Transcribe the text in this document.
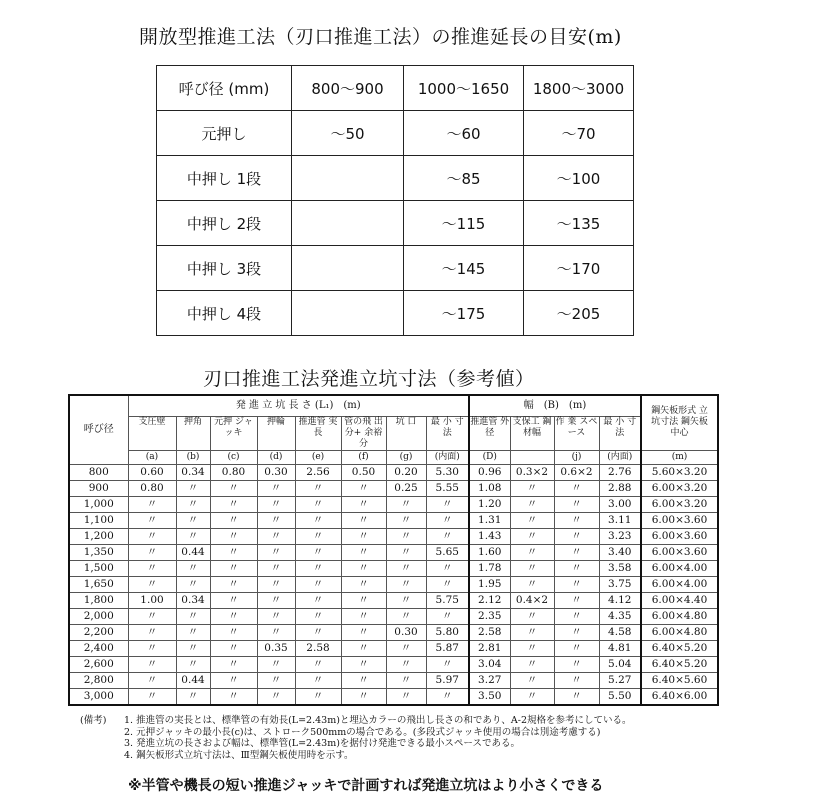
開放型推進工法（刃口推進工法）の推進延長の目安(m)
呼び径 (mm)	800〜900	1000〜1650	1800〜3000
元押し	〜50	〜60	〜70
中押し 1段		〜85	〜100
中押し 2段		〜115	〜135
中押し 3段		〜145	〜170
中押し 4段		〜175	〜205
刃口推進工法発進立坑寸法（参考値）
呼び径	発 進 立 坑 長 さ (L₁)　(m)								幅　(B)　(m)				鋼矢板形式 立坑寸法 鋼矢板中心
	支圧壁	押角	元押 ジャッキ	押輪	推進管 実 長	管の飛 出分+ 余裕分	坑 口	最 小 寸 法	推進管 外 径	支保工 鋼材幅	作 業 スペース	最 小 寸 法	
	(a)	(b)	(c)	(d)	(e)	(f)	(g)	(内面)	(D)		(j)	(内面)	(m)
800	0.60	0.34	0.80	0.30	2.56	0.50	0.20	5.30	0.96	0.3×2	0.6×2	2.76	5.60×3.20
900	0.80	〃	〃	〃	〃	〃	0.25	5.55	1.08	〃	〃	2.88	6.00×3.20
1,000	〃	〃	〃	〃	〃	〃	〃	〃	1.20	〃	〃	3.00	6.00×3.20
1,100	〃	〃	〃	〃	〃	〃	〃	〃	1.31	〃	〃	3.11	6.00×3.60
1,200	〃	〃	〃	〃	〃	〃	〃	〃	1.43	〃	〃	3.23	6.00×3.60
1,350	〃	0.44	〃	〃	〃	〃	〃	5.65	1.60	〃	〃	3.40	6.00×3.60
1,500	〃	〃	〃	〃	〃	〃	〃	〃	1.78	〃	〃	3.58	6.00×4.00
1,650	〃	〃	〃	〃	〃	〃	〃	〃	1.95	〃	〃	3.75	6.00×4.00
1,800	1.00	0.34	〃	〃	〃	〃	〃	5.75	2.12	0.4×2	〃	4.12	6.00×4.40
2,000	〃	〃	〃	〃	〃	〃	〃	〃	2.35	〃	〃	4.35	6.00×4.80
2,200	〃	〃	〃	〃	〃	〃	0.30	5.80	2.58	〃	〃	4.58	6.00×4.80
2,400	〃	〃	〃	0.35	2.58	〃	〃	5.87	2.81	〃	〃	4.81	6.40×5.20
2,600	〃	〃	〃	〃	〃	〃	〃	〃	3.04	〃	〃	5.04	6.40×5.20
2,800	〃	0.44	〃	〃	〃	〃	〃	5.97	3.27	〃	〃	5.27	6.40×5.60
3,000	〃	〃	〃	〃	〃	〃	〃	〃	3.50	〃	〃	5.50	6.40×6.00
(備考) 1. 推進管の実長とは、標準管の有効長(L=2.43m)と埋込カラーの飛出し長さの和であり、A-2規格を参考にしている。
2. 元押ジャッキの最小長(c)は、ストローク500mmの場合である。(多段式ジャッキ使用の場合は別途考慮する)
3. 発進立坑の長さおよび幅は、標準管(L=2.43m)を据付け発進できる最小スペースである。
4. 鋼矢板形式立坑寸法は、Ⅲ型鋼矢板使用時を示す。
※半管や機長の短い推進ジャッキで計画すれば発進立坑はより小さくできる
